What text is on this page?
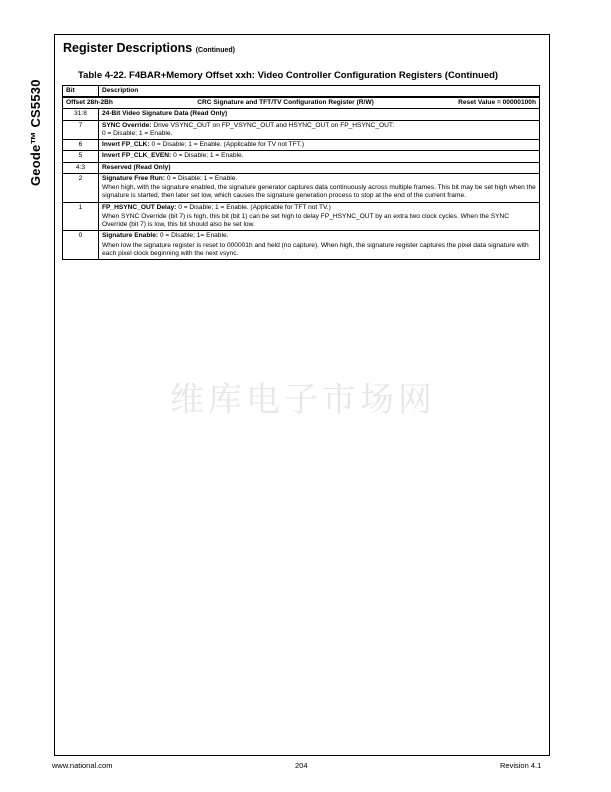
Geode™ CS5530
Register Descriptions (Continued)
Table 4-22. F4BAR+Memory Offset xxh: Video Controller Configuration Registers (Continued)
Bit	Description

Offset 28h-2Bh CRC Signature and TFT/TV Configuration Register (R/W) Reset Value = 00000100h	

31:8	24-Bit Video Signature Data (Read Only)
7	SYNC Override: Drive VSYNC_OUT on FP_VSYNC_OUT and HSYNC_OUT on FP_HSYNC_OUT:
0 = Disable; 1 = Enable.

6	Invert FP_CLK: 0 = Disable; 1 = Enable. (Applicable for TV not TFT.)
5	Invert FP_CLK_EVEN: 0 = Disable; 1 = Enable.
4:3	Reserved (Read Only)
2	Signature Free Run: 0 = Disable; 1 = Enable.
When high, with the signature enabled, the signature generator captures data continuously across multiple frames. This bit may be set high when the signature is started, then later set low, which causes the signature generation process to stop at the end of the current frame.

1	FP_HSYNC_OUT Delay: 0 = Disable; 1 = Enable. (Applicable for TFT not TV.)
When SYNC Override (bit 7) is high, this bit (bit 1) can be set high to delay FP_HSYNC_OUT by an extra two clock cycles. When the SYNC Override (bit 7) is low, this bit should also be set low.

0	Signature Enable: 0 = Disable; 1= Enable.
When low the signature register is reset to 000001h and held (no capture). When high, the signature register captures the pixel data signature with each pixel clock beginning with the next vsync.
维库电子市场网
www.national.com	204	Revision 4.1
